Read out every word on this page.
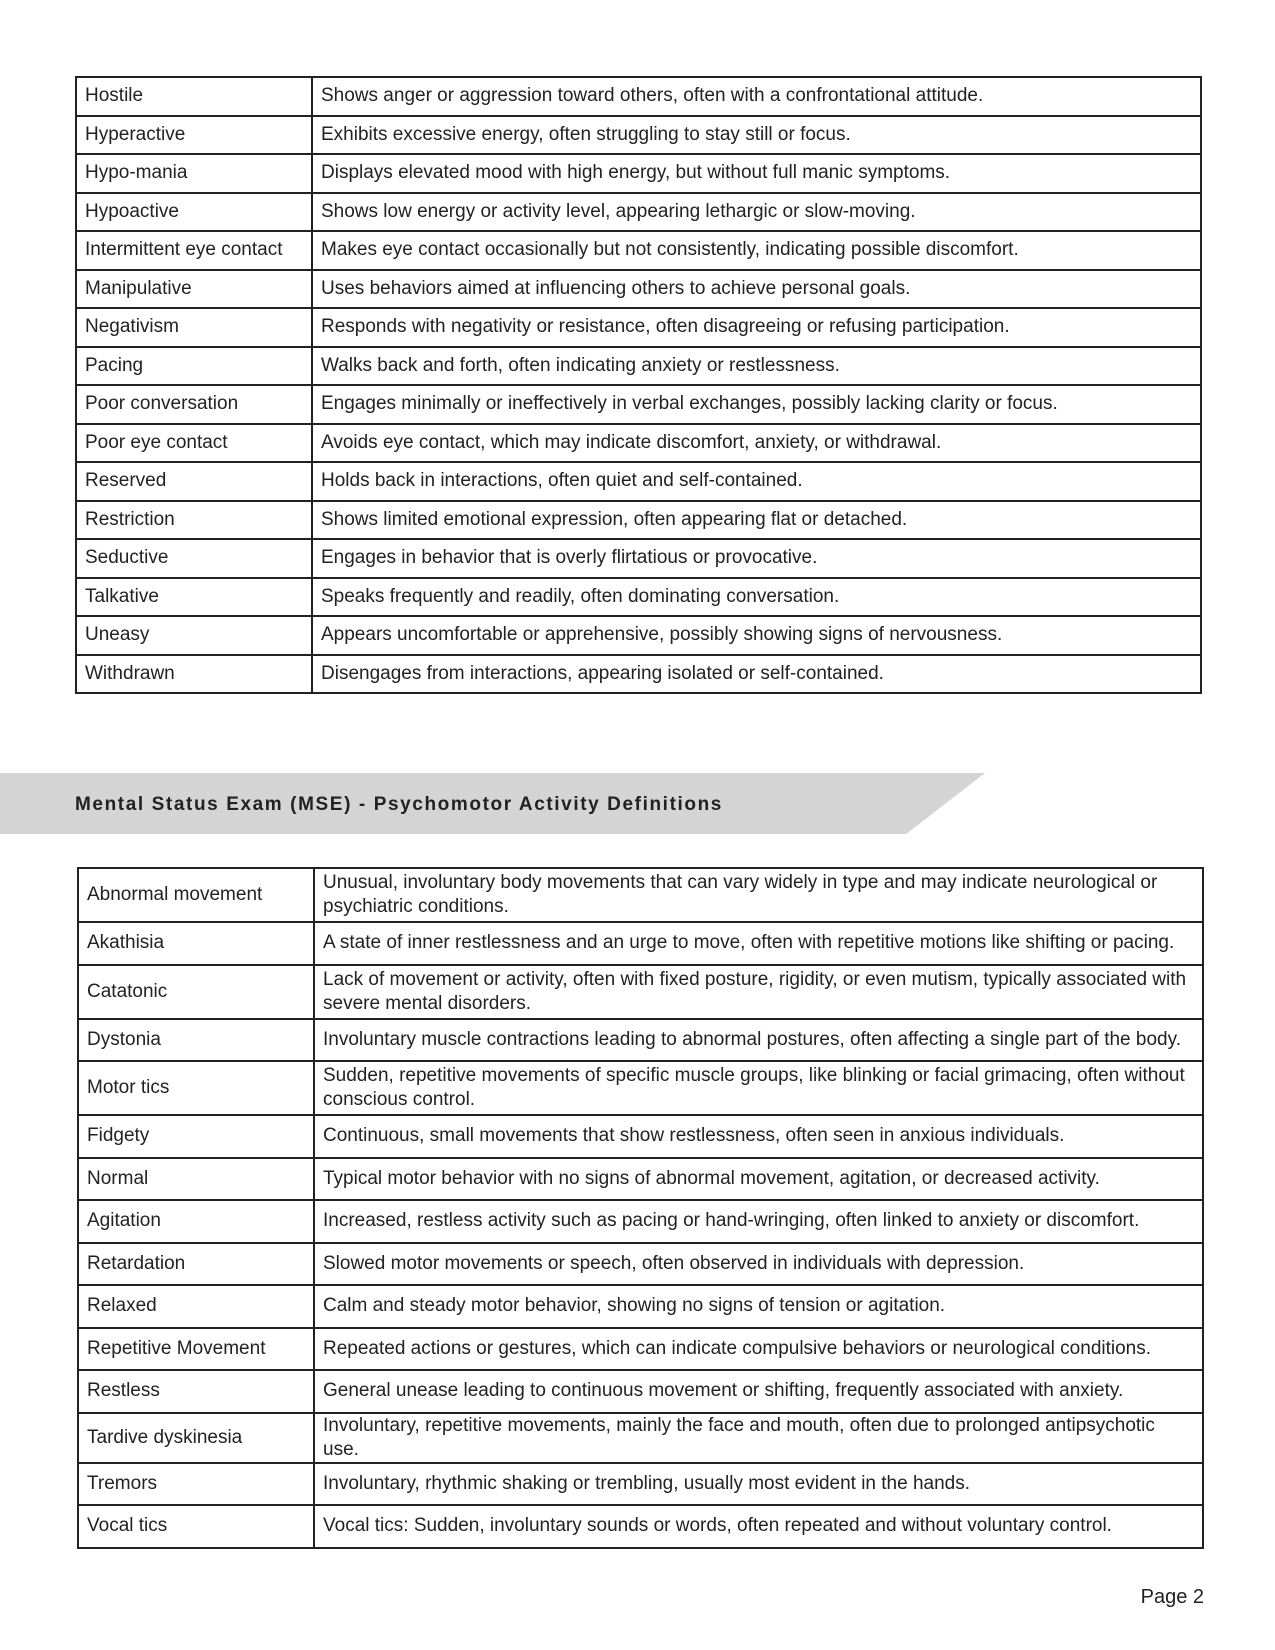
Hostile	Shows anger or aggression toward others, often with a confrontational attitude.
Hyperactive	Exhibits excessive energy, often struggling to stay still or focus.
Hypo-mania	Displays elevated mood with high energy, but without full manic symptoms.
Hypoactive	Shows low energy or activity level, appearing lethargic or slow-moving.
Intermittent eye contact	Makes eye contact occasionally but not consistently, indicating possible discomfort.
Manipulative	Uses behaviors aimed at influencing others to achieve personal goals.
Negativism	Responds with negativity or resistance, often disagreeing or refusing participation.
Pacing	Walks back and forth, often indicating anxiety or restlessness.
Poor conversation	Engages minimally or ineffectively in verbal exchanges, possibly lacking clarity or focus.
Poor eye contact	Avoids eye contact, which may indicate discomfort, anxiety, or withdrawal.
Reserved	Holds back in interactions, often quiet and self-contained.
Restriction	Shows limited emotional expression, often appearing flat or detached.
Seductive	Engages in behavior that is overly flirtatious or provocative.
Talkative	Speaks frequently and readily, often dominating conversation.
Uneasy	Appears uncomfortable or apprehensive, possibly showing signs of nervousness.
Withdrawn	Disengages from interactions, appearing isolated or self-contained.
Mental Status Exam (MSE) - Psychomotor Activity Definitions
Abnormal movement	Unusual, involuntary body movements that can vary widely in type and may indicate neurological or psychiatric conditions.
Akathisia	A state of inner restlessness and an urge to move, often with repetitive motions like shifting or pacing.
Catatonic	Lack of movement or activity, often with fixed posture, rigidity, or even mutism, typically associated with severe mental disorders.
Dystonia	Involuntary muscle contractions leading to abnormal postures, often affecting a single part of the body.
Motor tics	Sudden, repetitive movements of specific muscle groups, like blinking or facial grimacing, often without conscious control.
Fidgety	Continuous, small movements that show restlessness, often seen in anxious individuals.
Normal	Typical motor behavior with no signs of abnormal movement, agitation, or decreased activity.
Agitation	Increased, restless activity such as pacing or hand-wringing, often linked to anxiety or discomfort.
Retardation	Slowed motor movements or speech, often observed in individuals with depression.
Relaxed	Calm and steady motor behavior, showing no signs of tension or agitation.
Repetitive Movement	Repeated actions or gestures, which can indicate compulsive behaviors or neurological conditions.
Restless	General unease leading to continuous movement or shifting, frequently associated with anxiety.
Tardive dyskinesia	Involuntary, repetitive movements, mainly the face and mouth, often due to prolonged antipsychotic use.
Tremors	Involuntary, rhythmic shaking or trembling, usually most evident in the hands.
Vocal tics	Vocal tics: Sudden, involuntary sounds or words, often repeated and without voluntary control.
Page 2
